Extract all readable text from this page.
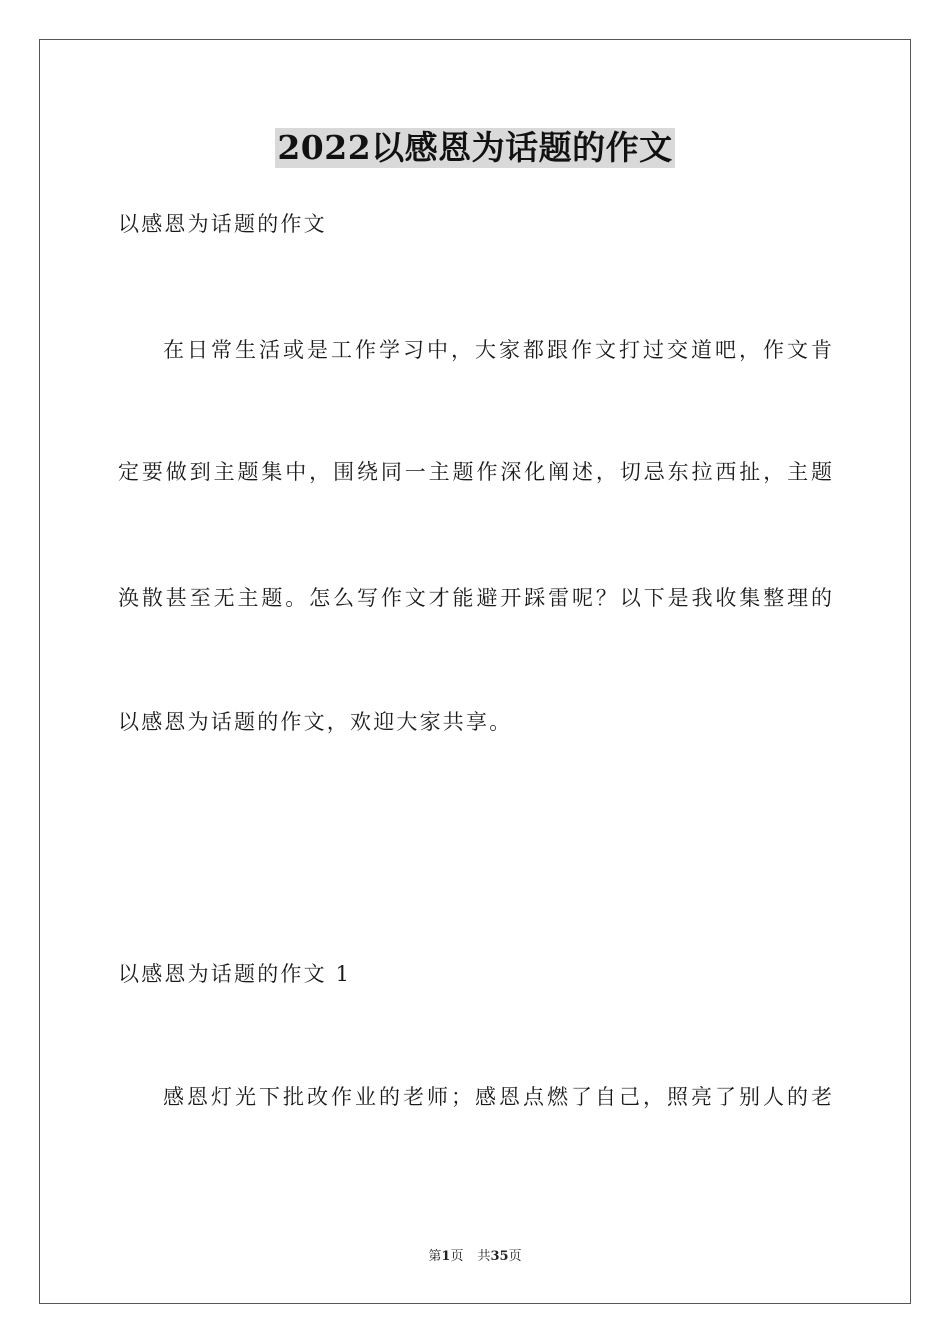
2022以感恩为话题的作文
以感恩为话题的作文
在日常生活或是工作学习中，大家都跟作文打过交道吧，作文肯
定要做到主题集中，围绕同一主题作深化阐述，切忌东拉西扯，主题
涣散甚至无主题。怎么写作文才能避开踩雷呢？以下是我收集整理的
以感恩为话题的作文，欢迎大家共享。
以感恩为话题的作文 1
感恩灯光下批改作业的老师；感恩点燃了自己，照亮了别人的老
第1页 共35页
